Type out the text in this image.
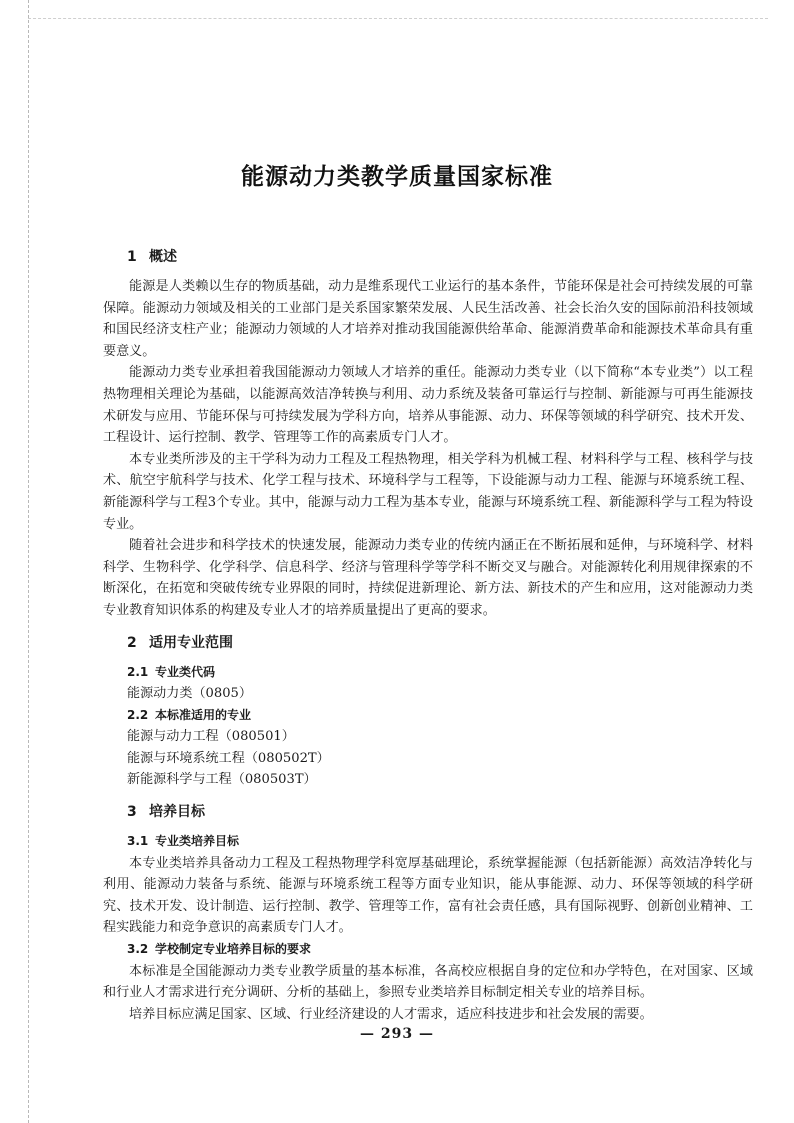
能源动力类教学质量国家标准
1 概述

能源是人类赖以生存的物质基础，动力是维系现代工业运行的基本条件，节能环保是社会可持续发展的可靠保障。能源动力领域及相关的工业部门是关系国家繁荣发展、人民生活改善、社会长治久安的国际前沿科技领域和国民经济支柱产业；能源动力领域的人才培养对推动我国能源供给革命、能源消费革命和能源技术革命具有重要意义。

能源动力类专业承担着我国能源动力领域人才培养的重任。能源动力类专业（以下简称“本专业类”）以工程热物理相关理论为基础，以能源高效洁净转换与利用、动力系统及装备可靠运行与控制、新能源与可再生能源技术研发与应用、节能环保与可持续发展为学科方向，培养从事能源、动力、环保等领域的科学研究、技术开发、工程设计、运行控制、教学、管理等工作的高素质专门人才。

本专业类所涉及的主干学科为动力工程及工程热物理，相关学科为机械工程、材料科学与工程、核科学与技术、航空宇航科学与技术、化学工程与技术、环境科学与工程等，下设能源与动力工程、能源与环境系统工程、新能源科学与工程3个专业。其中，能源与动力工程为基本专业，能源与环境系统工程、新能源科学与工程为特设专业。

随着社会进步和科学技术的快速发展，能源动力类专业的传统内涵正在不断拓展和延伸，与环境科学、材料科学、生物科学、化学科学、信息科学、经济与管理科学等学科不断交叉与融合。对能源转化利用规律探索的不断深化，在拓宽和突破传统专业界限的同时，持续促进新理论、新方法、新技术的产生和应用，这对能源动力类专业教育知识体系的构建及专业人才的培养质量提出了更高的要求。

2 适用专业范围
2.1 专业类代码

能源动力类（0805）

2.2 本标准适用的专业

能源与动力工程（080501）

能源与环境系统工程（080502T）

新能源科学与工程（080503T）

3 培养目标
3.1 专业类培养目标

本专业类培养具备动力工程及工程热物理学科宽厚基础理论，系统掌握能源（包括新能源）高效洁净转化与利用、能源动力装备与系统、能源与环境系统工程等方面专业知识，能从事能源、动力、环保等领域的科学研究、技术开发、设计制造、运行控制、教学、管理等工作，富有社会责任感，具有国际视野、创新创业精神、工程实践能力和竞争意识的高素质专门人才。

3.2 学校制定专业培养目标的要求

本标准是全国能源动力类专业教学质量的基本标准，各高校应根据自身的定位和办学特色，在对国家、区域和行业人才需求进行充分调研、分析的基础上，参照专业类培养目标制定相关专业的培养目标。

培养目标应满足国家、区域、行业经济建设的人才需求，适应科技进步和社会发展的需要。

— 293 —
